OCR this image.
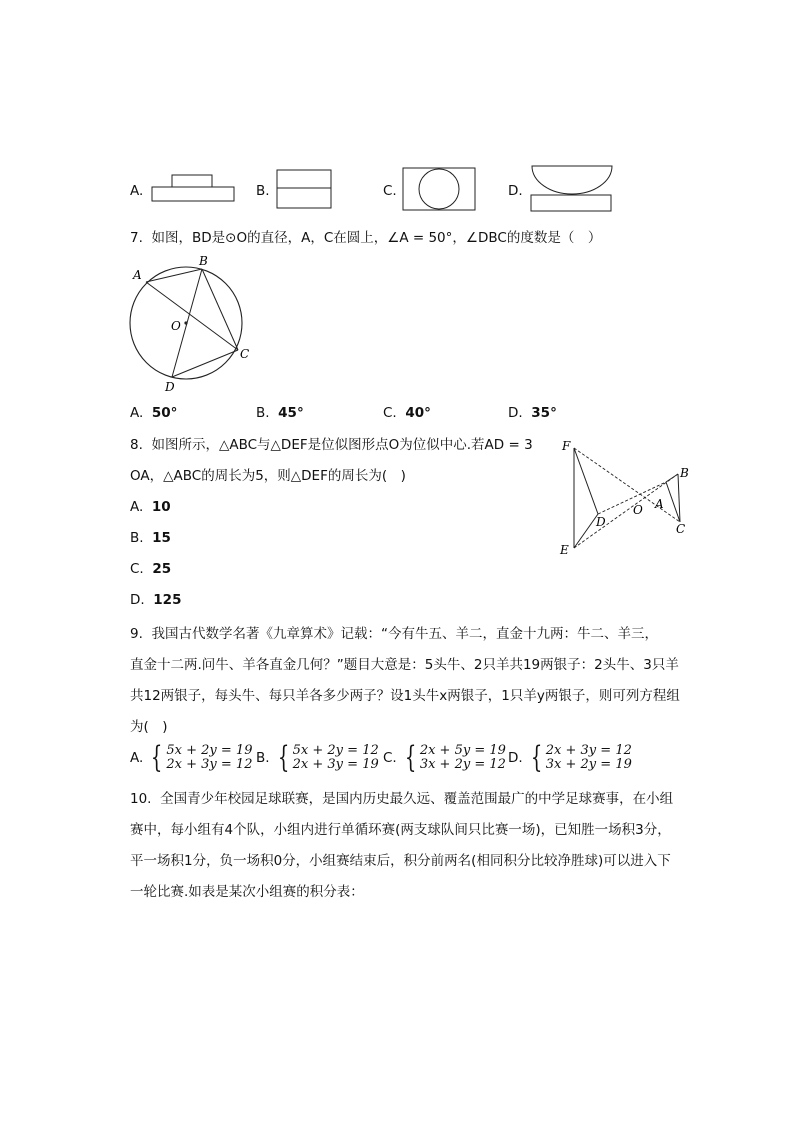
A.	B.	C.	D.
7. 如图，BD是⊙O的直径，A，C在圆上，∠A = 50°，∠DBC的度数是（　）
A
B
C
D
O
A. 50°	B. 45°	C. 40°	D. 35°
8. 如图所示，△ABC与△DEF是位似图形点O为位似中心.若AD = 3
OA，△ABC的周长为5，则△DEF的周长为(　)
F
B
O A
D
E
C
A. 10
B. 15
C. 25
D. 125
9. 我国古代数学名著《九章算术》记载：“今有牛五、羊二，直金十九两：牛二、羊三，
直金十二两.问牛、羊各直金几何？”题目大意是：5头牛、2只羊共19两银子：2头牛、3只羊
共12两银子，每头牛、每只羊各多少两子？设1头牛x两银子，1只羊y两银子，则可列方程组
为(　)
A. { 5x + 2y = 19
2x + 3y = 12 B. { 5x + 2y = 12
2x + 3y = 19 C. { 2x + 5y = 19
3x + 2y = 12 D. { 2x + 3y = 12
3x + 2y = 19
10. 全国青少年校园足球联赛，是国内历史最久远、覆盖范围最广的中学足球赛事，在小组
赛中，每小组有4个队，小组内进行单循环赛(两支球队间只比赛一场)，已知胜一场积3分，
平一场积1分，负一场积0分，小组赛结束后，积分前两名(相同积分比较净胜球)可以进入下
一轮比赛.如表是某次小组赛的积分表：
